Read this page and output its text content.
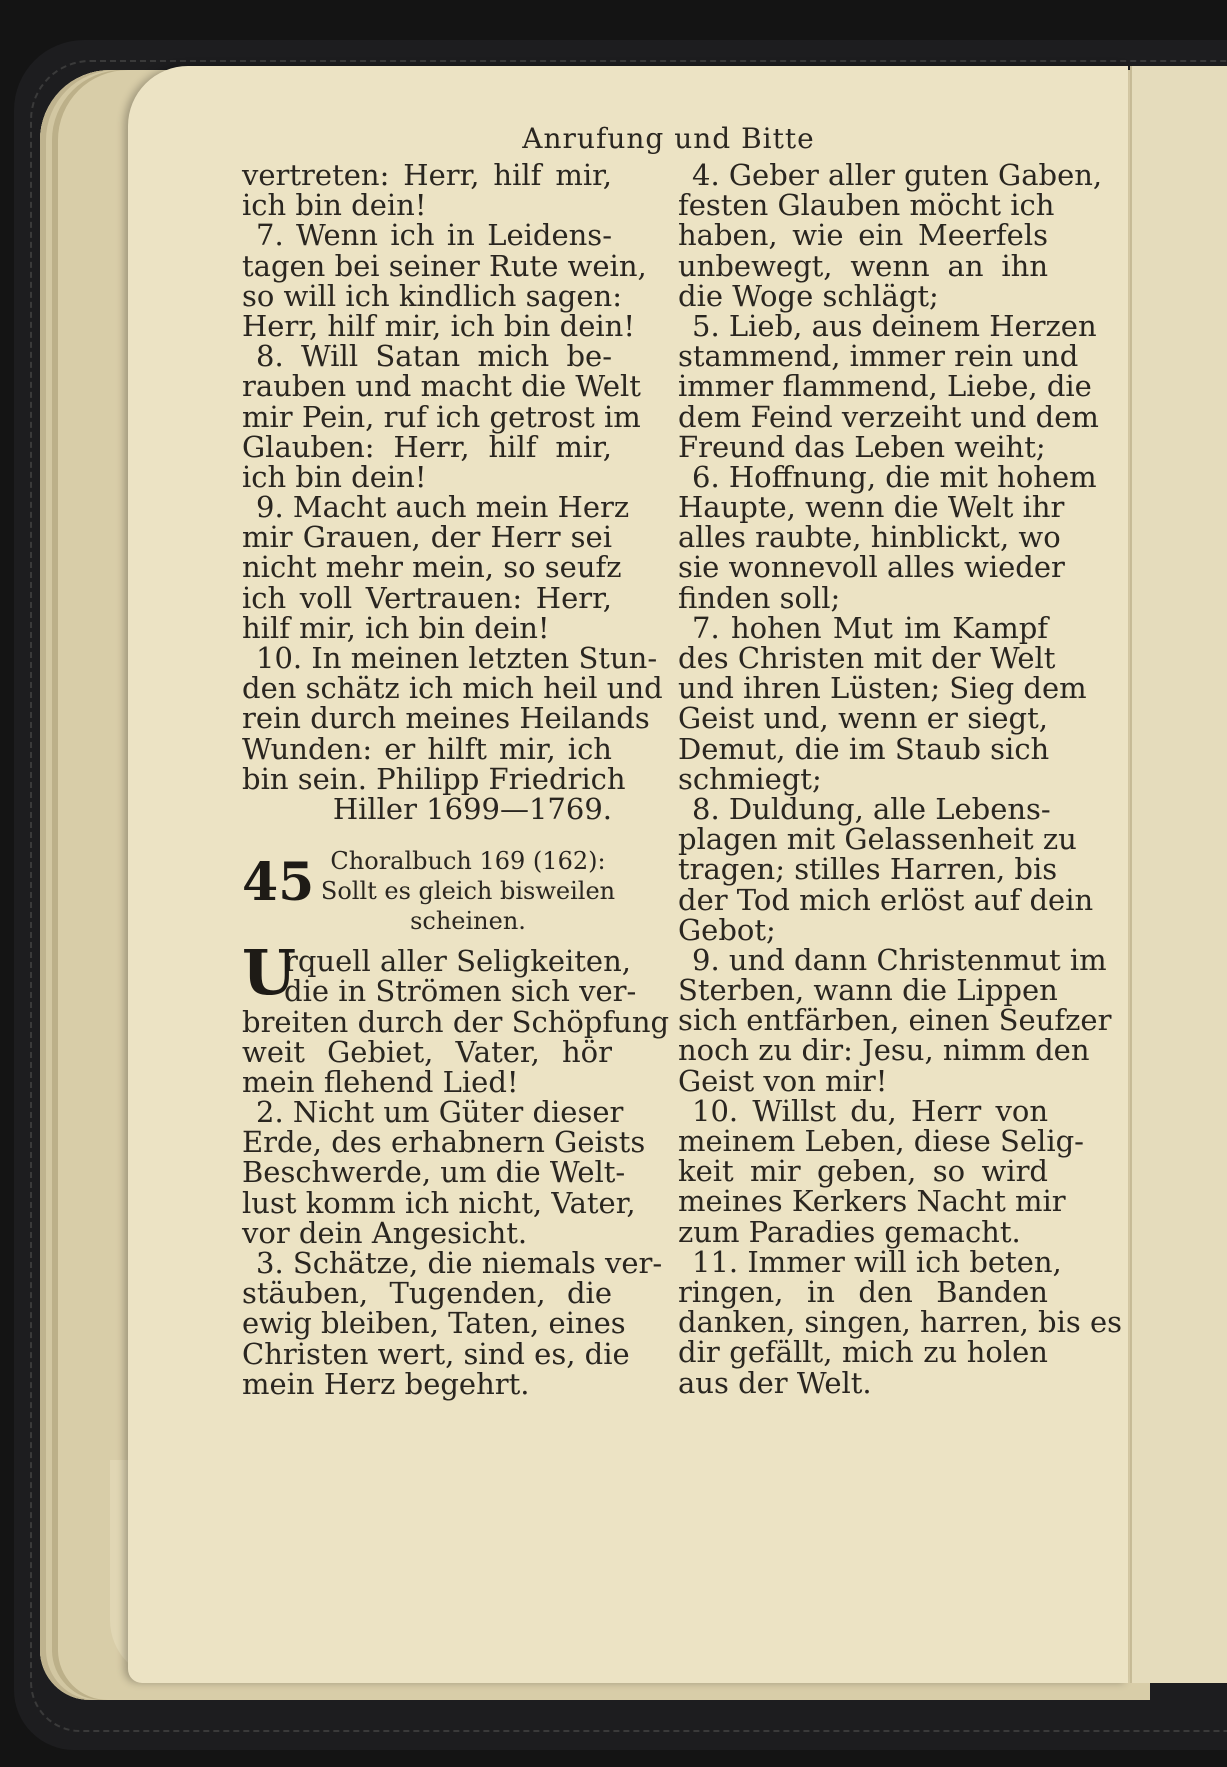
Anrufung und Bitte
vertreten: Herr, hilf mir,
ich bin dein!
7. Wenn ich in Leidens-
tagen bei seiner Rute wein,
so will ich kindlich sagen:
Herr, hilf mir, ich bin dein!
8. Will Satan mich be-
rauben und macht die Welt
mir Pein, ruf ich getrost im
Glauben: Herr, hilf mir,
ich bin dein!
9. Macht auch mein Herz
mir Grauen, der Herr sei
nicht mehr mein, so seufz
ich voll Vertrauen: Herr,
hilf mir, ich bin dein!
10. In meinen letzten Stun-
den schätz ich mich heil und
rein durch meines Heilands
Wunden: er hilft mir, ich
bin sein. Philipp Friedrich
Hiller 1699—1769.
45 Choralbuch 169 (162):
Sollt es gleich bisweilen
scheinen.
U
rquell aller Seligkeiten,
die in Strömen sich ver-
breiten durch der Schöpfung
weit Gebiet, Vater, hör
mein flehend Lied!
2. Nicht um Güter dieser
Erde, des erhabnern Geists
Beschwerde, um die Welt-
lust komm ich nicht, Vater,
vor dein Angesicht.
3. Schätze, die niemals ver-
stäuben, Tugenden, die
ewig bleiben, Taten, eines
Christen wert, sind es, die
mein Herz begehrt.
4. Geber aller guten Gaben,
festen Glauben möcht ich
haben, wie ein Meerfels
unbewegt, wenn an ihn
die Woge schlägt;
5. Lieb, aus deinem Herzen
stammend, immer rein und
immer flammend, Liebe, die
dem Feind verzeiht und dem
Freund das Leben weiht;
6. Hoffnung, die mit hohem
Haupte, wenn die Welt ihr
alles raubte, hinblickt, wo
sie wonnevoll alles wieder
finden soll;
7. hohen Mut im Kampf
des Christen mit der Welt
und ihren Lüsten; Sieg dem
Geist und, wenn er siegt,
Demut, die im Staub sich
schmiegt;
8. Duldung, alle Lebens-
plagen mit Gelassenheit zu
tragen; stilles Harren, bis
der Tod mich erlöst auf dein
Gebot;
9. und dann Christenmut im
Sterben, wann die Lippen
sich entfärben, einen Seufzer
noch zu dir: Jesu, nimm den
Geist von mir!
10. Willst du, Herr von
meinem Leben, diese Selig-
keit mir geben, so wird
meines Kerkers Nacht mir
zum Paradies gemacht.
11. Immer will ich beten,
ringen, in den Banden
danken, singen, harren, bis es
dir gefällt, mich zu holen
aus der Welt.
